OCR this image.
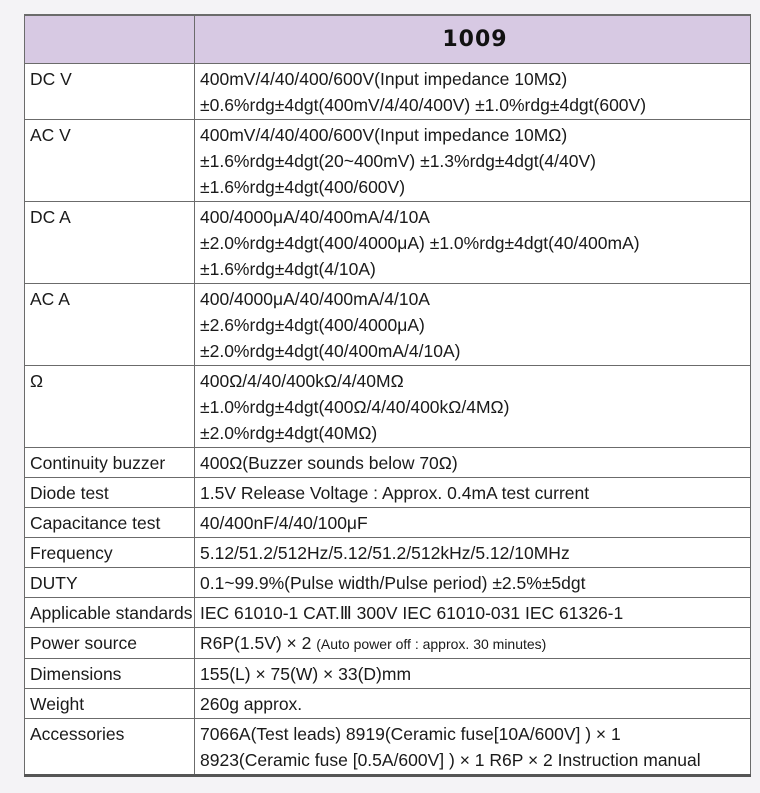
	1009
DC V	400mV/4/40/400/600V(Input impedance 10MΩ)
±0.6%rdg±4dgt(400mV/4/40/400V) ±1.0%rdg±4dgt(600V)

AC V	400mV/4/40/400/600V(Input impedance 10MΩ)
±1.6%rdg±4dgt(20~400mV) ±1.3%rdg±4dgt(4/40V)
±1.6%rdg±4dgt(400/600V)

DC A	400/4000μA/40/400mA/4/10A
±2.0%rdg±4dgt(400/4000μA) ±1.0%rdg±4dgt(40/400mA)
±1.6%rdg±4dgt(4/10A)

AC A	400/4000μA/40/400mA/4/10A
±2.6%rdg±4dgt(400/4000μA)
±2.0%rdg±4dgt(40/400mA/4/10A)

Ω	400Ω/4/40/400kΩ/4/40MΩ
±1.0%rdg±4dgt(400Ω/4/40/400kΩ/4MΩ)
±2.0%rdg±4dgt(40MΩ)

Continuity buzzer	400Ω(Buzzer sounds below 70Ω)

Diode test	1.5V Release Voltage : Approx. 0.4mA test current

Capacitance test	40/400nF/4/40/100μF

Frequency	5.12/51.2/512Hz/5.12/51.2/512kHz/5.12/10MHz

DUTY	0.1~99.9%(Pulse width/Pulse period) ±2.5%±5dgt

Applicable standards	IEC 61010-1 CAT.Ⅲ 300V IEC 61010-031 IEC 61326-1

Power source	R6P(1.5V) × 2 (Auto power off : approx. 30 minutes)

Dimensions	155(L) × 75(W) × 33(D)mm

Weight	260g approx.

Accessories	7066A(Test leads) 8919(Ceramic fuse[10A/600V] ) × 1
8923(Ceramic fuse [0.5A/600V] ) × 1 R6P × 2 Instruction manual
